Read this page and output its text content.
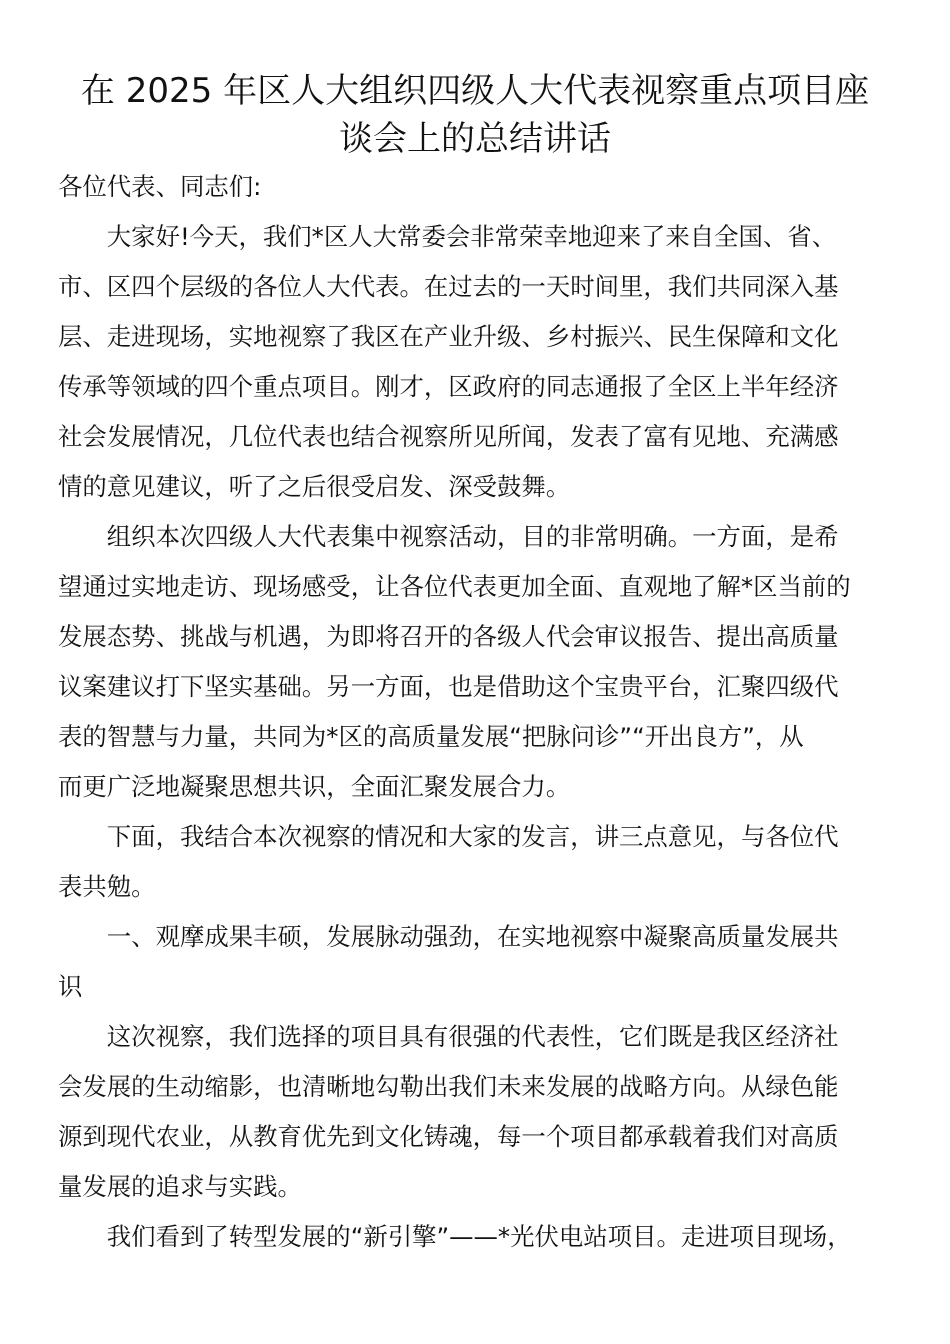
在 2025 年区人大组织四级人大代表视察重点项目座
谈会上的总结讲话

各位代表、同志们:

　　大家好!今天，我们*区人大常委会非常荣幸地迎来了来自全国、省、

市、区四个层级的各位人大代表。在过去的一天时间里，我们共同深入基

层、走进现场，实地视察了我区在产业升级、乡村振兴、民生保障和文化

传承等领域的四个重点项目。刚才，区政府的同志通报了全区上半年经济

社会发展情况，几位代表也结合视察所见所闻，发表了富有见地、充满感

情的意见建议，听了之后很受启发、深受鼓舞。

　　组织本次四级人大代表集中视察活动，目的非常明确。一方面，是希

望通过实地走访、现场感受，让各位代表更加全面、直观地了解*区当前的

发展态势、挑战与机遇，为即将召开的各级人代会审议报告、提出高质量

议案建议打下坚实基础。另一方面，也是借助这个宝贵平台，汇聚四级代

表的智慧与力量，共同为*区的高质量发展“把脉问诊”“开出良方”，从

而更广泛地凝聚思想共识，全面汇聚发展合力。

　　下面，我结合本次视察的情况和大家的发言，讲三点意见，与各位代

表共勉。

　　一、观摩成果丰硕，发展脉动强劲，在实地视察中凝聚高质量发展共

识

　　这次视察，我们选择的项目具有很强的代表性，它们既是我区经济社

会发展的生动缩影，也清晰地勾勒出我们未来发展的战略方向。从绿色能

源到现代农业，从教育优先到文化铸魂，每一个项目都承载着我们对高质

量发展的追求与实践。

　　我们看到了转型发展的“新引擎”——*光伏电站项目。走进项目现场，
